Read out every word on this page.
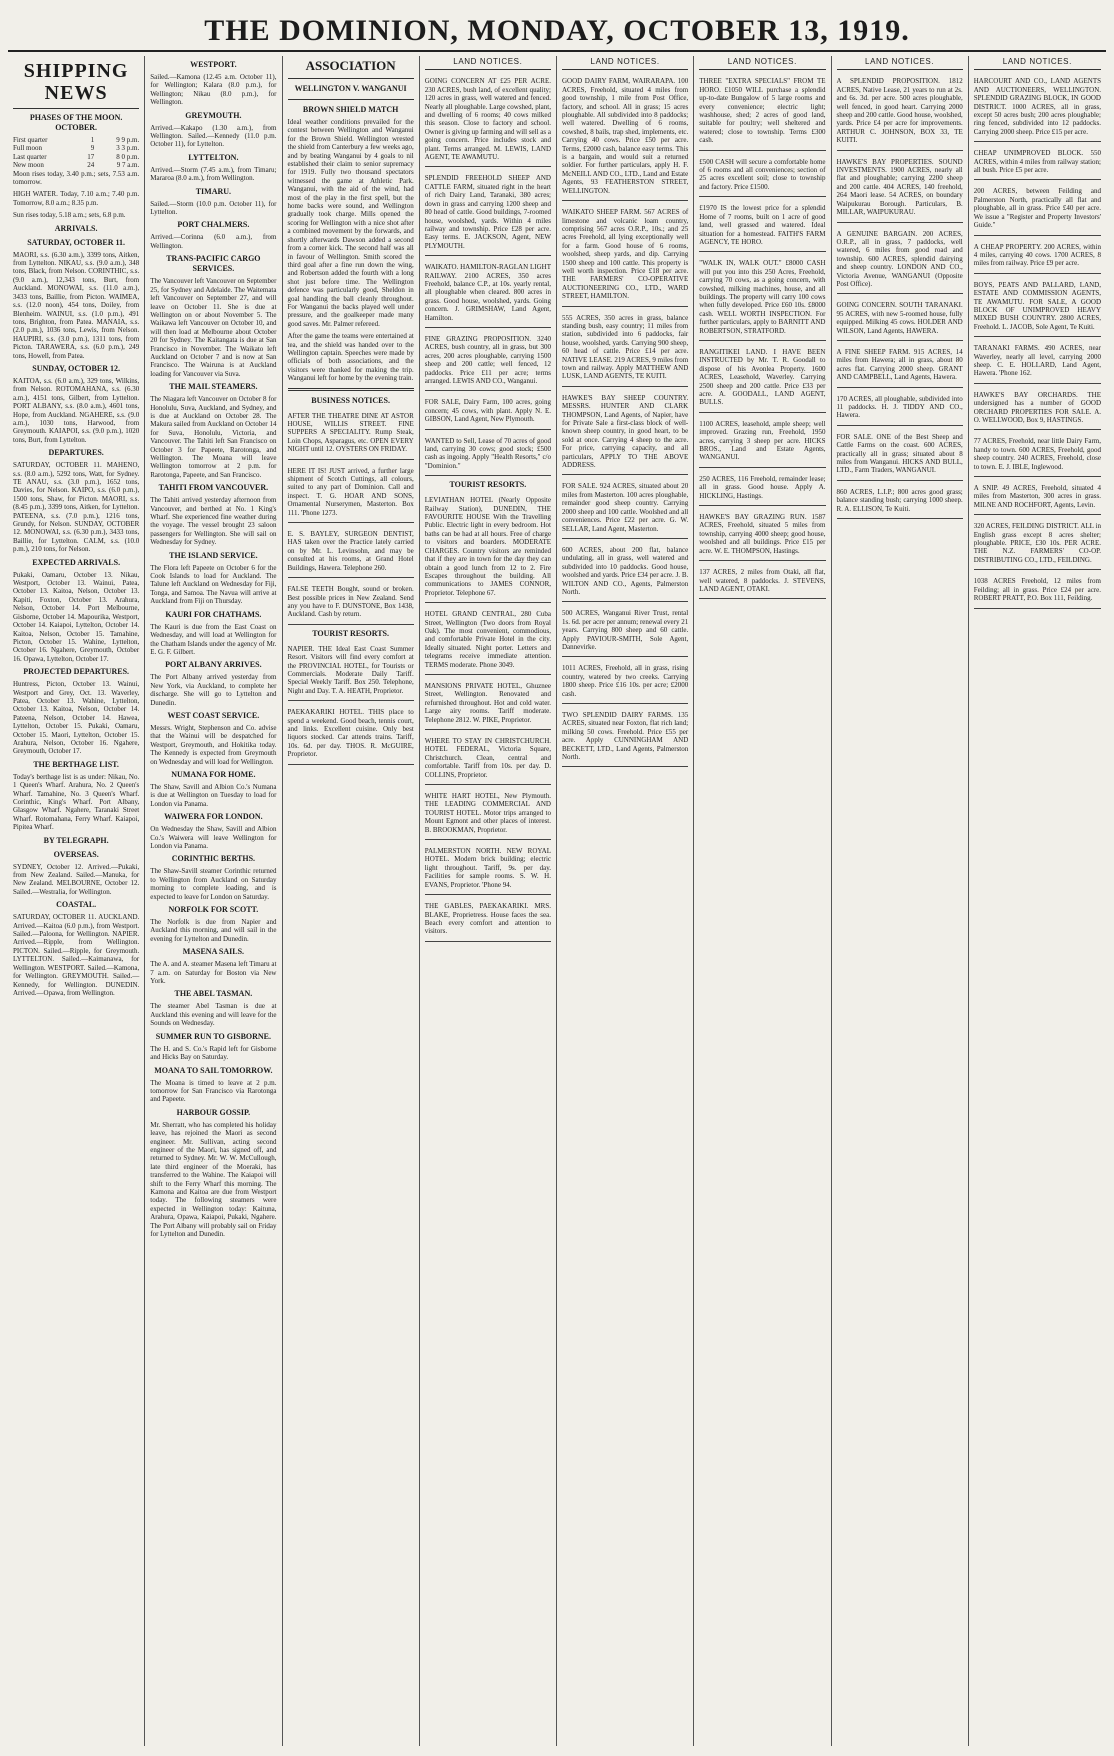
THE DOMINION, MONDAY, OCTOBER 13, 1919.
SHIPPING NEWS
PHASES OF THE MOON. OCTOBER.
First quarter	1	9 9 p.m.
Full moon	9	3 3 p.m.
Last quarter	17	8 0 p.m.
New moon	24	9 7 a.m.

Moon rises today, 3.40 p.m.; sets, 7.53 a.m. tomorrow.

HIGH WATER. Today, 7.10 a.m.; 7.40 p.m. Tomorrow, 8.0 a.m.; 8.35 p.m.

Sun rises today, 5.18 a.m.; sets, 6.8 p.m.

ARRIVALS.
SATURDAY, OCTOBER 11.

MAORI, s.s. (6.30 a.m.), 3399 tons, Aitken, from Lyttelton. NIKAU, s.s. (9.0 a.m.), 348 tons, Black, from Nelson. CORINTHIC, s.s. (9.0 a.m.), 12,343 tons, Burt, from Auckland. MONOWAI, s.s. (11.0 a.m.), 3433 tons, Baillie, from Picton. WAIMEA, s.s. (12.0 noon), 454 tons, Doiley, from Blenheim. WAINUI, s.s. (1.0 p.m.), 491 tons, Brighton, from Patea. MANAIA, s.s. (2.0 p.m.), 1036 tons, Lewis, from Nelson. HAUPIRI, s.s. (3.0 p.m.), 1311 tons, from Picton. TARAWERA, s.s. (6.0 p.m.), 249 tons, Howell, from Patea.

SUNDAY, OCTOBER 12.

KAITOA, s.s. (6.0 a.m.), 329 tons, Wilkins, from Nelson. ROTOMAHANA, s.s. (6.30 a.m.), 4151 tons, Gilbert, from Lyttelton. PORT ALBANY, s.s. (8.0 a.m.), 4601 tons, Hope, from Auckland. NGAHERE, s.s. (9.0 a.m.), 1030 tons, Harwood, from Greymouth. KAIAPOI, s.s. (9.0 p.m.), 1020 tons, Burt, from Lyttelton.

DEPARTURES.

SATURDAY, OCTOBER 11. MAHENO, s.s. (8.0 a.m.), 5292 tons, Watt, for Sydney. TE ANAU, s.s. (3.0 p.m.), 1652 tons, Davies, for Nelson. KAIPO, s.s. (6.0 p.m.), 1500 tons, Shaw, for Picton. MAORI, s.s. (8.45 p.m.), 3399 tons, Aitken, for Lyttelton. PATEENA, s.s. (7.0 p.m.), 1216 tons, Grundy, for Nelson. SUNDAY, OCTOBER 12. MONOWAI, s.s. (6.30 p.m.), 3433 tons, Baillie, for Lyttelton. CALM, s.s. (10.0 p.m.), 210 tons, for Nelson.

EXPECTED ARRIVALS.

Pukaki, Oamaru, October 13. Nikau, Westport, October 13. Wainui, Patea, October 13. Kaitoa, Nelson, October 13. Kapiti, Foxton, October 13. Arahura, Nelson, October 14. Port Melbourne, Gisborne, October 14. Mapourika, Westport, October 14. Kaiapoi, Lyttelton, October 14. Kaitoa, Nelson, October 15. Tamahine, Picton, October 15. Wahine, Lyttelton, October 16. Ngahere, Greymouth, October 16. Opawa, Lyttelton, October 17.

PROJECTED DEPARTURES.

Huntress, Picton, October 13. Wainui, Westport and Grey, Oct. 13. Waverley, Patea, October 13. Wahine, Lyttelton, October 13. Kaitoa, Nelson, October 14. Pateena, Nelson, October 14. Hawea, Lyttelton, October 15. Pukaki, Oamaru, October 15. Maori, Lyttelton, October 15. Arahura, Nelson, October 16. Ngahere, Greymouth, October 17.

THE BERTHAGE LIST.

Today's berthage list is as under: Nikau, No. 1 Queen's Wharf. Arahura, No. 2 Queen's Wharf. Tamahine, No. 3 Queen's Wharf. Corinthic, King's Wharf. Port Albany, Glasgow Wharf. Ngahere, Taranaki Street Wharf. Rotomahana, Ferry Wharf. Kaiapoi, Pipitea Wharf.

BY TELEGRAPH.
OVERSEAS.

SYDNEY, October 12. Arrived.—Pukaki, from New Zealand. Sailed.—Manuka, for New Zealand. MELBOURNE, October 12. Sailed.—Westralia, for Wellington.

COASTAL.

SATURDAY, OCTOBER 11. AUCKLAND. Arrived.—Kaitoa (6.0 p.m.), from Westport. Sailed.—Paloona, for Wellington. NAPIER. Arrived.—Ripple, from Wellington. PICTON. Sailed.—Ripple, for Greymouth. LYTTELTON. Sailed.—Kaimanawa, for Wellington. WESTPORT. Sailed.—Kamona, for Wellington. GREYMOUTH. Sailed.—Kennedy, for Wellington. DUNEDIN. Arrived.—Opawa, from Wellington.

WESTPORT.

Sailed.—Kamona (12.45 a.m. October 11), for Wellington; Kalara (8.0 p.m.), for Wellington; Nikau (8.0 p.m.), for Wellington.

GREYMOUTH.

Arrived.—Kakapo (1.30 a.m.), from Wellington. Sailed.—Kennedy (11.0 p.m. October 11), for Lyttelton.

LYTTELTON.

Arrived.—Storm (7.45 a.m.), from Timaru; Mararoa (8.0 a.m.), from Wellington.

TIMARU.

Sailed.—Storm (10.0 p.m. October 11), for Lyttelton.

PORT CHALMERS.

Arrived.—Corinna (6.0 a.m.), from Wellington.

TRANS-PACIFIC CARGO SERVICES.

The Vancouver left Vancouver on September 25, for Sydney and Adelaide. The Waitemata left Vancouver on September 27, and will leave on October 11. She is due at Wellington on or about November 5. The Waikawa left Vancouver on October 10, and will then load at Melbourne about October 20 for Sydney. The Kaitangata is due at San Francisco in November. The Waikato left Auckland on October 7 and is now at San Francisco. The Wairuna is at Auckland loading for Vancouver via Suva.

THE MAIL STEAMERS.

The Niagara left Vancouver on October 8 for Honolulu, Suva, Auckland, and Sydney, and is due at Auckland on October 28. The Makura sailed from Auckland on October 14 for Suva, Honolulu, Victoria, and Vancouver. The Tahiti left San Francisco on October 3 for Papeete, Rarotonga, and Wellington. The Moana will leave Wellington tomorrow at 2 p.m. for Rarotonga, Papeete, and San Francisco.

TAHITI FROM VANCOUVER.

The Tahiti arrived yesterday afternoon from Vancouver, and berthed at No. 1 King's Wharf. She experienced fine weather during the voyage. The vessel brought 23 saloon passengers for Wellington. She will sail on Wednesday for Sydney.

THE ISLAND SERVICE.

The Flora left Papeete on October 6 for the Cook Islands to load for Auckland. The Talune left Auckland on Wednesday for Fiji, Tonga, and Samoa. The Navua will arrive at Auckland from Fiji on Thursday.

KAURI FOR CHATHAMS.

The Kauri is due from the East Coast on Wednesday, and will load at Wellington for the Chatham Islands under the agency of Mr. E. G. F. Gilbert.

PORT ALBANY ARRIVES.

The Port Albany arrived yesterday from New York, via Auckland, to complete her discharge. She will go to Lyttelton and Dunedin.

WEST COAST SERVICE.

Messrs. Wright, Stephenson and Co. advise that the Wainui will be despatched for Westport, Greymouth, and Hokitika today. The Kennedy is expected from Greymouth on Wednesday and will load for Wellington.

NUMANA FOR HOME.

The Shaw, Savill and Albion Co.'s Numana is due at Wellington on Tuesday to load for London via Panama.

WAIWERA FOR LONDON.

On Wednesday the Shaw, Savill and Albion Co.'s Waiwera will leave Wellington for London via Panama.

CORINTHIC BERTHS.

The Shaw-Savill steamer Corinthic returned to Wellington from Auckland on Saturday morning to complete loading, and is expected to leave for London on Saturday.

NORFOLK FOR SCOTT.

The Norfolk is due from Napier and Auckland this morning, and will sail in the evening for Lyttelton and Dunedin.

MASENA SAILS.

The A. and A. steamer Masena left Timaru at 7 a.m. on Saturday for Boston via New York.

THE ABEL TASMAN.

The steamer Abel Tasman is due at Auckland this evening and will leave for the Sounds on Wednesday.

SUMMER RUN TO GISBORNE.

The H. and S. Co.'s Rapid left for Gisborne and Hicks Bay on Saturday.

MOANA TO SAIL TOMORROW.

The Moana is timed to leave at 2 p.m. tomorrow for San Francisco via Rarotonga and Papeete.

HARBOUR GOSSIP.

Mr. Sherratt, who has completed his holiday leave, has rejoined the Maori as second engineer. Mr. Sullivan, acting second engineer of the Maori, has signed off, and returned to Sydney. Mr. W. W. McCullough, late third engineer of the Moeraki, has transferred to the Wahine. The Kaiapoi will shift to the Ferry Wharf this morning. The Kamona and Kaitoa are due from Westport today. The following steamers were expected in Wellington today: Kaituna, Arahura, Opawa, Kaiapoi, Pukaki, Ngahere. The Port Albany will probably sail on Friday for Lyttelton and Dunedin.

ASSOCIATION
WELLINGTON V. WANGANUI
BROWN SHIELD MATCH

Ideal weather conditions prevailed for the contest between Wellington and Wanganui for the Brown Shield. Wellington wrested the shield from Canterbury a few weeks ago, and by beating Wanganui by 4 goals to nil established their claim to senior supremacy for 1919. Fully two thousand spectators witnessed the game at Athletic Park. Wanganui, with the aid of the wind, had most of the play in the first spell, but the home backs were sound, and Wellington gradually took charge. Mills opened the scoring for Wellington with a nice shot after a combined movement by the forwards, and shortly afterwards Dawson added a second from a corner kick. The second half was all in favour of Wellington. Smith scored the third goal after a fine run down the wing, and Robertson added the fourth with a long shot just before time. The Wellington defence was particularly good, Sheldon in goal handling the ball cleanly throughout. For Wanganui the backs played well under pressure, and the goalkeeper made many good saves. Mr. Palmer refereed.

After the game the teams were entertained at tea, and the shield was handed over to the Wellington captain. Speeches were made by officials of both associations, and the visitors were thanked for making the trip. Wanganui left for home by the evening train.

BUSINESS NOTICES.
AFTER THE THEATRE DINE AT ASTOR HOUSE, WILLIS STREET. FINE SUPPERS A SPECIALITY. Rump Steak, Loin Chops, Asparagus, etc. OPEN EVERY NIGHT until 12. OYSTERS ON FRIDAY.
HERE IT IS! JUST arrived, a further large shipment of Scotch Cuttings, all colours, suited to any part of Dominion. Call and inspect. T. G. HOAR AND SONS, Ornamental Nurserymen, Masterton. Box 111. 'Phone 1273.
E. S. BAYLEY, SURGEON DENTIST, HAS taken over the Practice lately carried on by Mr. L. Levinsohn, and may be consulted at his rooms, at Grand Hotel Buildings, Hawera. Telephone 260.
FALSE TEETH Bought, sound or broken. Best possible prices in New Zealand. Send any you have to F. DUNSTONE, Box 1438, Auckland. Cash by return.
TOURIST RESORTS.
NAPIER. THE Ideal East Coast Summer Resort. Visitors will find every comfort at the PROVINCIAL HOTEL, for Tourists or Commercials. Moderate Daily Tariff. Special Weekly Tariff. Box 250. Telephone, Night and Day. T. A. HEATH, Proprietor.
PAEKAKARIKI HOTEL. THIS place to spend a weekend. Good beach, tennis court, and links. Excellent cuisine. Only best liquors stocked. Car attends trains. Tariff, 10s. 6d. per day. THOS. R. McGUIRE, Proprietor.
LAND NOTICES.
GOING CONCERN AT £25 PER ACRE. 230 ACRES, bush land, of excellent quality; 120 acres in grass, well watered and fenced. Nearly all ploughable. Large cowshed, plant, and dwelling of 6 rooms; 40 cows milked this season. Close to factory and school. Owner is giving up farming and will sell as a going concern. Price includes stock and plant. Terms arranged. M. LEWIS, LAND AGENT, TE AWAMUTU.
SPLENDID FREEHOLD SHEEP AND CATTLE FARM, situated right in the heart of rich Dairy Land, Taranaki, 380 acres; down in grass and carrying 1200 sheep and 80 head of cattle. Good buildings, 7-roomed house, woolshed, yards. Within 4 miles railway and township. Price £28 per acre. Easy terms. E. JACKSON, Agent, NEW PLYMOUTH.
WAIKATO. HAMILTON-RAGLAN LIGHT RAILWAY. 2100 ACRES, 350 acres Freehold, balance C.P., at 10s. yearly rental, all ploughable when cleared. 800 acres in grass. Good house, woolshed, yards. Going concern. J. GRIMSHAW, Land Agent, Hamilton.
FINE GRAZING PROPOSITION. 3240 ACRES, bush country, all in grass, but 300 acres, 200 acres ploughable, carrying 1500 sheep and 200 cattle; well fenced, 12 paddocks. Price £11 per acre; terms arranged. LEWIS AND CO., Wanganui.
FOR SALE, Dairy Farm, 100 acres, going concern; 45 cows, with plant. Apply N. E. GIBSON, Land Agent, New Plymouth.
WANTED to Sell, Lease of 70 acres of good land, carrying 30 cows; good stock; £500 cash as ingoing. Apply "Health Resorts," c/o "Dominion."
TOURIST RESORTS.
LEVIATHAN HOTEL (Nearly Opposite Railway Station), DUNEDIN, THE FAVOURITE HOUSE With the Travelling Public. Electric light in every bedroom. Hot baths can be had at all hours. Free of charge to visitors and boarders. MODERATE CHARGES. Country visitors are reminded that if they are in town for the day they can obtain a good lunch from 12 to 2. Fire Escapes throughout the building. All communications to JAMES CONNOR, Proprietor. Telephone 67.
HOTEL GRAND CENTRAL, 280 Cuba Street, Wellington (Two doors from Royal Oak). The most convenient, commodious, and comfortable Private Hotel in the city. Ideally situated. Night porter. Letters and telegrams receive immediate attention. TERMS moderate. Phone 3049.
MANSIONS PRIVATE HOTEL, Ghuznee Street, Wellington. Renovated and refurnished throughout. Hot and cold water. Large airy rooms. Tariff moderate. Telephone 2812. W. PIKE, Proprietor.
WHERE TO STAY IN CHRISTCHURCH. HOTEL FEDERAL, Victoria Square, Christchurch. Clean, central and comfortable. Tariff from 10s. per day. D. COLLINS, Proprietor.
WHITE HART HOTEL, New Plymouth. THE LEADING COMMERCIAL AND TOURIST HOTEL. Motor trips arranged to Mount Egmont and other places of interest. B. BROOKMAN, Proprietor.
PALMERSTON NORTH. NEW ROYAL HOTEL. Modern brick building; electric light throughout. Tariff, 9s. per day. Facilities for sample rooms. S. W. H. EVANS, Proprietor. 'Phone 94.
THE GABLES, PAEKAKARIKI. MRS. BLAKE, Proprietress. House faces the sea. Beach every comfort and attention to visitors.
LAND NOTICES.
GOOD DAIRY FARM, WAIRARAPA. 100 ACRES, Freehold, situated 4 miles from good township, 1 mile from Post Office, factory, and school. All in grass; 15 acres ploughable. All subdivided into 8 paddocks; well watered. Dwelling of 6 rooms, cowshed, 8 bails, trap shed, implements, etc. Carrying 40 cows. Price £50 per acre. Terms, £2000 cash, balance easy terms. This is a bargain, and would suit a returned soldier. For further particulars, apply H. F. McNEILL AND CO., LTD., Land and Estate Agents, 93 FEATHERSTON STREET, WELLINGTON.
WAIKATO SHEEP FARM. 567 ACRES of limestone and volcanic loam country, comprising 567 acres O.R.P., 10s.; and 25 acres Freehold, all lying exceptionally well for a farm. Good house of 6 rooms, woolshed, sheep yards, and dip. Carrying 1500 sheep and 100 cattle. This property is well worth inspection. Price £18 per acre. THE FARMERS' CO-OPERATIVE AUCTIONEERING CO., LTD., WARD STREET, HAMILTON.
555 ACRES, 350 acres in grass, balance standing bush, easy country; 11 miles from station, subdivided into 6 paddocks, fair house, woolshed, yards. Carrying 900 sheep, 60 head of cattle. Price £14 per acre. NATIVE LEASE. 219 ACRES, 9 miles from town and railway. Apply MATTHEW AND LUSK, LAND AGENTS, TE KUITI.
HAWKE'S BAY SHEEP COUNTRY. MESSRS. HUNTER AND CLARK THOMPSON, Land Agents, of Napier, have for Private Sale a first-class block of well-known sheep country, in good heart, to be sold at once. Carrying 4 sheep to the acre. For price, carrying capacity, and all particulars, APPLY TO THE ABOVE ADDRESS.
FOR SALE. 924 ACRES, situated about 20 miles from Masterton. 100 acres ploughable, remainder good sheep country. Carrying 2000 sheep and 100 cattle. Woolshed and all conveniences. Price £22 per acre. G. W. SELLAR, Land Agent, Masterton.
600 ACRES, about 200 flat, balance undulating, all in grass, well watered and subdivided into 10 paddocks. Good house, woolshed and yards. Price £34 per acre. J. B. WILTON AND CO., Agents, Palmerston North.
500 ACRES, Wanganui River Trust, rental 1s. 6d. per acre per annum; renewal every 21 years. Carrying 800 sheep and 60 cattle. Apply PAVIOUR-SMITH, Sole Agent, Dannevirke.
1011 ACRES, Freehold, all in grass, rising country, watered by two creeks. Carrying 1800 sheep. Price £16 10s. per acre; £2000 cash.
TWO SPLENDID DAIRY FARMS. 135 ACRES, situated near Foxton, flat rich land; milking 50 cows. Freehold. Price £55 per acre. Apply CUNNINGHAM AND BECKETT, LTD., Land Agents, Palmerston North.
LAND NOTICES.
THREE "EXTRA SPECIALS" FROM TE HORO. £1050 WILL purchase a splendid up-to-date Bungalow of 5 large rooms and every convenience; electric light; washhouse, shed; 2 acres of good land, suitable for poultry; well sheltered and watered; close to township. Terms £300 cash.
£500 CASH will secure a comfortable home of 6 rooms and all conveniences; section of 25 acres excellent soil; close to township and factory. Price £1500.
£1970 IS the lowest price for a splendid Home of 7 rooms, built on 1 acre of good land, well grassed and watered. Ideal situation for a homestead. FAITH'S FARM AGENCY, TE HORO.
"WALK IN, WALK OUT." £8000 CASH will put you into this 250 Acres, Freehold, carrying 70 cows, as a going concern, with cowshed, milking machines, house, and all buildings. The property will carry 100 cows when fully developed. Price £60 10s. £8000 cash. WELL WORTH INSPECTION. For further particulars, apply to BARNITT AND ROBERTSON, STRATFORD.
RANGITIKEI LAND. I HAVE BEEN INSTRUCTED by Mr. T. R. Goodall to dispose of his Avonlea Property. 1600 ACRES, Leasehold, Waverley. Carrying 2500 sheep and 200 cattle. Price £33 per acre. A. GOODALL, LAND AGENT, BULLS.
1100 ACRES, leasehold, ample sheep; well improved. Grazing run, Freehold, 1950 acres, carrying 3 sheep per acre. HICKS BROS., Land and Estate Agents, WANGANUI.
250 ACRES, 116 Freehold, remainder lease; all in grass. Good house. Apply A. HICKLING, Hastings.
HAWKE'S BAY GRAZING RUN. 1587 ACRES, Freehold, situated 5 miles from township, carrying 4000 sheep; good house, woolshed and all buildings. Price £15 per acre. W. E. THOMPSON, Hastings.
137 ACRES, 2 miles from Otaki, all flat, well watered, 8 paddocks. J. STEVENS, LAND AGENT, OTAKI.
LAND NOTICES.
A SPLENDID PROPOSITION. 1812 ACRES, Native Lease, 21 years to run at 2s. and 6s. 3d. per acre. 500 acres ploughable, well fenced, in good heart. Carrying 2000 sheep and 200 cattle. Good house, woolshed, yards. Price £4 per acre for improvements. ARTHUR C. JOHNSON, BOX 33, TE KUITI.
HAWKE'S BAY PROPERTIES. SOUND INVESTMENTS. 1900 ACRES, nearly all flat and ploughable; carrying 2200 sheep and 200 cattle. 404 ACRES, 140 freehold, 264 Maori lease. 54 ACRES, on boundary Waipukurau Borough. Particulars, B. MILLAR, WAIPUKURAU.
A GENUINE BARGAIN. 200 ACRES, O.R.P., all in grass, 7 paddocks, well watered, 6 miles from good road and township. 600 ACRES, splendid dairying and sheep country. LONDON AND CO., Victoria Avenue, WANGANUI (Opposite Post Office).
GOING CONCERN. SOUTH TARANAKI. 95 ACRES, with new 5-roomed house, fully equipped. Milking 45 cows. HOLDER AND WILSON, Land Agents, HAWERA.
A FINE SHEEP FARM. 915 ACRES, 14 miles from Hawera; all in grass, about 80 acres flat. Carrying 2000 sheep. GRANT AND CAMPBELL, Land Agents, Hawera.
170 ACRES, all ploughable, subdivided into 11 paddocks. H. J. TIDDY AND CO., Hawera.
FOR SALE. ONE of the Best Sheep and Cattle Farms on the coast. 600 ACRES, practically all in grass; situated about 8 miles from Wanganui. HICKS AND BULL, LTD., Farm Traders, WANGANUI.
860 ACRES, L.I.P.; 800 acres good grass; balance standing bush; carrying 1000 sheep. R. A. ELLISON, Te Kuiti.
LAND NOTICES.
HARCOURT AND CO., LAND AGENTS AND AUCTIONEERS, WELLINGTON. SPLENDID GRAZING BLOCK, IN GOOD DISTRICT. 1000 ACRES, all in grass, except 50 acres bush; 200 acres ploughable; ring fenced, subdivided into 12 paddocks. Carrying 2000 sheep. Price £15 per acre.
CHEAP UNIMPROVED BLOCK. 550 ACRES, within 4 miles from railway station; all bush. Price £5 per acre.
200 ACRES, between Feilding and Palmerston North, practically all flat and ploughable, all in grass. Price £40 per acre. We issue a "Register and Property Investors' Guide."
A CHEAP PROPERTY. 200 ACRES, within 4 miles, carrying 40 cows. 1700 ACRES, 8 miles from railway. Price £9 per acre.
BOYS, PEATS AND PALLARD, LAND, ESTATE AND COMMISSION AGENTS, TE AWAMUTU. FOR SALE, A GOOD BLOCK OF UNIMPROVED HEAVY MIXED BUSH COUNTRY. 2800 ACRES, Freehold. L. JACOB, Sole Agent, Te Kuiti.
TARANAKI FARMS. 490 ACRES, near Waverley, nearly all level, carrying 2000 sheep. C. E. HOLLARD, Land Agent, Hawera. 'Phone 162.
HAWKE'S BAY ORCHARDS. THE undersigned has a number of GOOD ORCHARD PROPERTIES FOR SALE. A. O. WELLWOOD, Box 9, HASTINGS.
77 ACRES, Freehold, near little Dairy Farm, handy to town. 600 ACRES, Freehold, good sheep country. 240 ACRES, Freehold, close to town. E. J. IBLE, Inglewood.
A SNIP. 49 ACRES, Freehold, situated 4 miles from Masterton, 300 acres in grass. MILNE AND ROCHFORT, Agents, Levin.
320 ACRES, FEILDING DISTRICT. ALL in English grass except 8 acres shelter; ploughable. PRICE, £30 10s. PER ACRE. THE N.Z. FARMERS' CO-OP. DISTRIBUTING CO., LTD., FEILDING.
1038 ACRES Freehold, 12 miles from Feilding; all in grass. Price £24 per acre. ROBERT PRATT, P.O. Box 111, Feilding.
